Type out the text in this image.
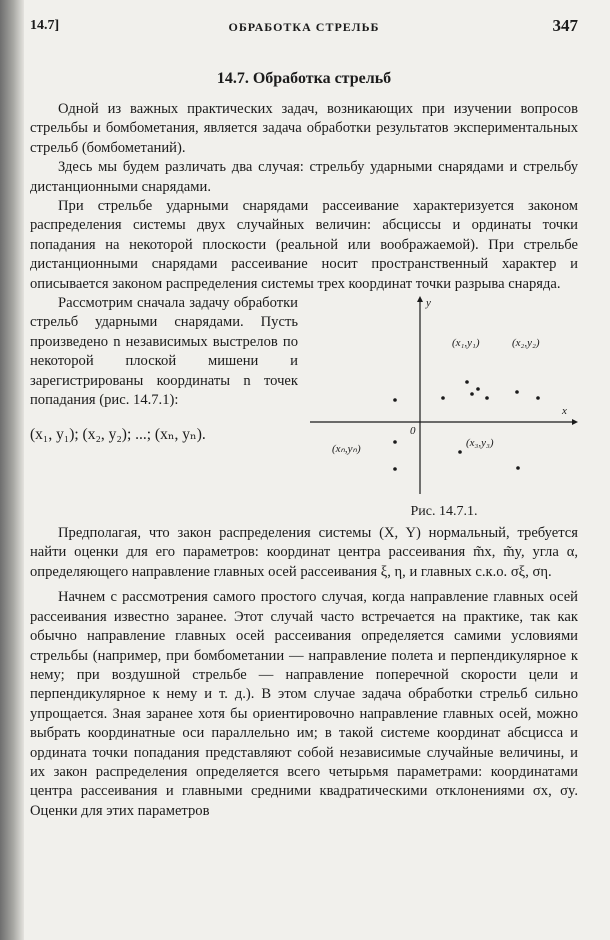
14.7]	ОБРАБОТКА СТРЕЛЬБ	347
14.7. Обработка стрельб

Одной из важных практических задач, возникающих при изучении вопросов стрельбы и бомбометания, является задача обработки результатов экспериментальных стрельб (бомбометаний).

Здесь мы будем различать два случая: стрельбу ударными снарядами и стрельбу дистанционными снарядами.

При стрельбе ударными снарядами рассеивание характеризуется законом распределения системы двух случайных величин: абсциссы и ординаты точки попадания на некоторой плоскости (реальной или воображаемой). При стрельбе дистанционными снарядами рассеивание носит пространственный характер и описывается законом распределения системы трех координат точки разрыва снаряда.

x
y
0
(x₁,y₁)	(x₂,y₂)
(xₙ,yₙ)	(x₃,y₃)
Рис. 14.7.1.

Рассмотрим сначала задачу обработки стрельб ударными снарядами. Пусть произведено n независимых выстрелов по некоторой плоской мишени и зарегистрированы координаты n точек попадания (рис. 14.7.1):

(x₁, y₁); (x₂, y₂); ...; (xₙ, yₙ).

Предполагая, что закон распределения системы (X, Y) нормальный, требуется найти оценки для его параметров: координат центра рассеивания m̃x, m̃y, угла α, определяющего направление главных осей рассеивания ξ, η, и главных с.к.о. σξ, ση.

Начнем с рассмотрения самого простого случая, когда направление главных осей рассеивания известно заранее. Этот случай часто встречается на практике, так как обычно направление главных осей рассеивания определяется самими условиями стрельбы (например, при бомбометании — направление полета и перпендикулярное к нему; при воздушной стрельбе — направление поперечной скорости цели и перпендикулярное к нему и т. д.). В этом случае задача обработки стрельб сильно упрощается. Зная заранее хотя бы ориентировочно направление главных осей, можно выбрать координатные оси параллельно им; в такой системе координат абсцисса и ордината точки попадания представляют собой независимые случайные величины, и их закон распределения определяется всего четырьмя параметрами: координатами центра рассеивания и главными средними квадратическими отклонениями σx, σy. Оценки для этих параметров
